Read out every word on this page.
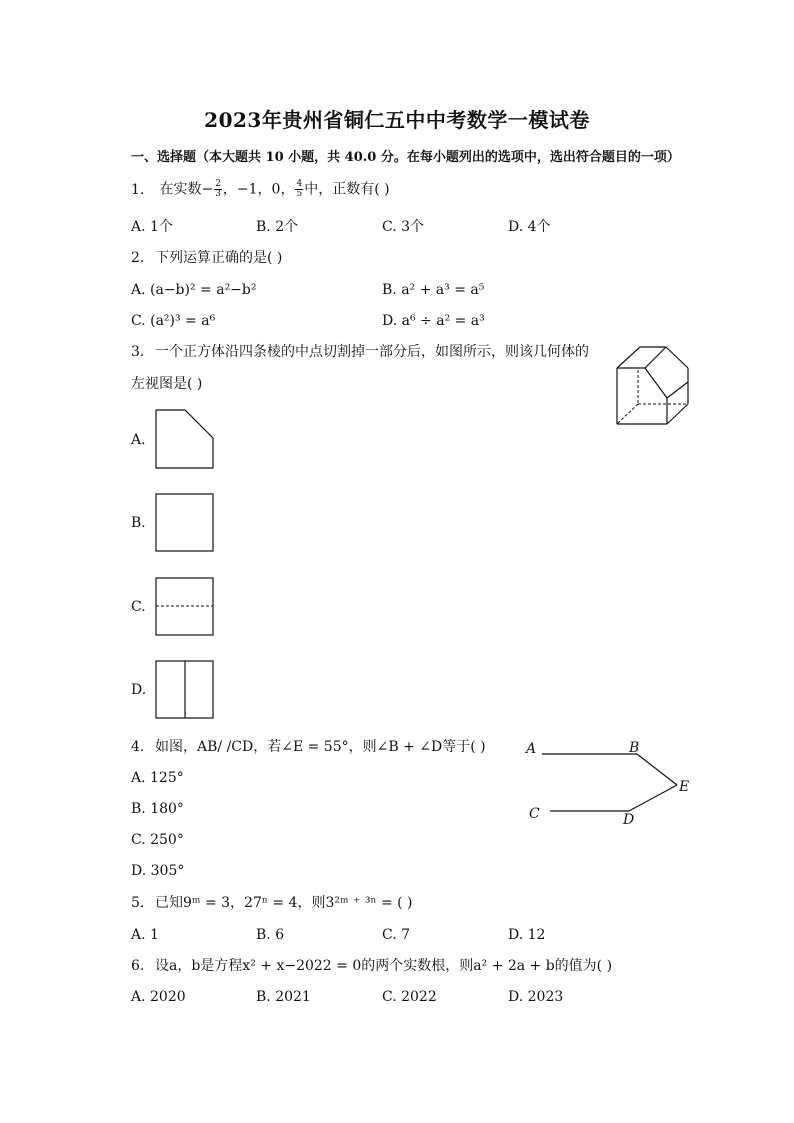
2023年贵州省铜仁五中中考数学一模试卷
一、选择题（本大题共 10 小题，共 40.0 分。在每小题列出的选项中，选出符合题目的一项）
1. 在实数− $\frac{2}{3}$ ，−1，0， $\frac{4}{5}$ 中，正数有( )
A. 1个	B. 2个	C. 3个	D. 4个
2. 下列运算正确的是( )
A. (a−b)² = a²−b²	B. a² + a³ = a⁵
C. (a²)³ = a⁶	D. a⁶ ÷ a² = a³
3. 一个正方体沿四条棱的中点切割掉一部分后，如图所示，则该几何体的
左视图是( )
A.
B.
C.
D.
4. 如图，AB/ /CD，若∠E = 55°，则∠B + ∠D等于( )
A. 125°
B. 180°
C. 250°
D. 305°
A	B
E
C	D
5. 已知9ᵐ = 3，27ⁿ = 4，则3²ᵐ ⁺ ³ⁿ = ( )
A. 1	B. 6	C. 7	D. 12
6. 设a，b是方程x² + x−2022 = 0的两个实数根，则a² + 2a + b的值为( )
A. 2020	B. 2021	C. 2022	D. 2023
